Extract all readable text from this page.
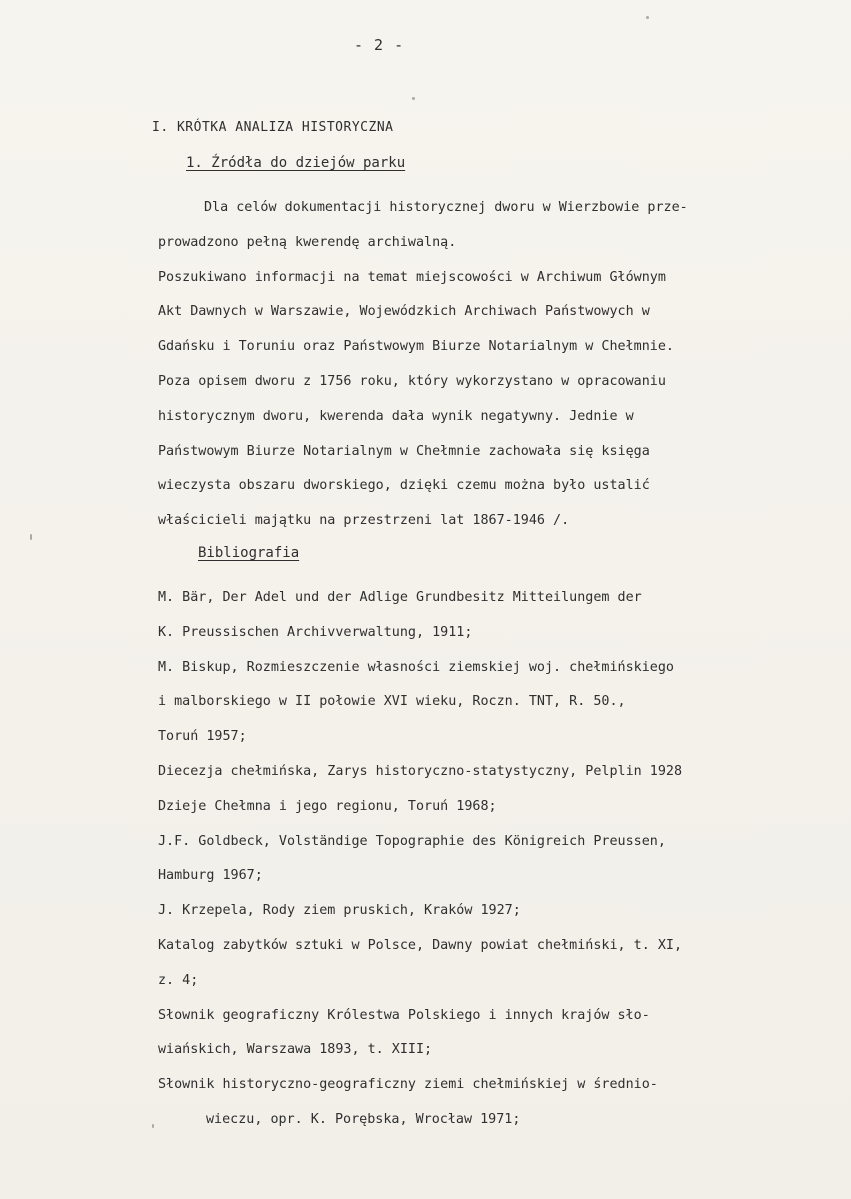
- 2 -
I. KRÓTKA ANALIZA HISTORYCZNA
1. Źródła do dziejów parku
Dla celów dokumentacji historycznej dworu w Wierzbowie prze-
prowadzono pełną kwerendę archiwalną.
Poszukiwano informacji na temat miejscowości w Archiwum Głównym
Akt Dawnych w Warszawie, Wojewódzkich Archiwach Państwowych w
Gdańsku i Toruniu oraz Państwowym Biurze Notarialnym w Chełmnie.
Poza opisem dworu z 1756 roku, który wykorzystano w opracowaniu
historycznym dworu, kwerenda dała wynik negatywny. Jednie w
Państwowym Biurze Notarialnym w Chełmnie zachowała się księga
wieczysta obszaru dworskiego, dzięki czemu można było ustalić
właścicieli majątku na przestrzeni lat 1867-1946 /.
Bibliografia
M. Bär, Der Adel und der Adlige Grundbesitz Mitteilungem der
K. Preussischen Archivverwaltung, 1911;
M. Biskup, Rozmieszczenie własności ziemskiej woj. chełmińskiego
i malborskiego w II połowie XVI wieku, Roczn. TNT, R. 50.,
Toruń 1957;
Diecezja chełmińska, Zarys historyczno-statystyczny, Pelplin 1928
Dzieje Chełmna i jego regionu, Toruń 1968;
J.F. Goldbeck, Volständige Topographie des Königreich Preussen,
Hamburg 1967;
J. Krzepela, Rody ziem pruskich, Kraków 1927;
Katalog zabytków sztuki w Polsce, Dawny powiat chełmiński, t. XI,
z. 4;
Słownik geograficzny Królestwa Polskiego i innych krajów sło-
wiańskich, Warszawa 1893, t. XIII;
Słownik historyczno-geograficzny ziemi chełmińskiej w średnio-
wieczu, opr. K. Porębska, Wrocław 1971;
